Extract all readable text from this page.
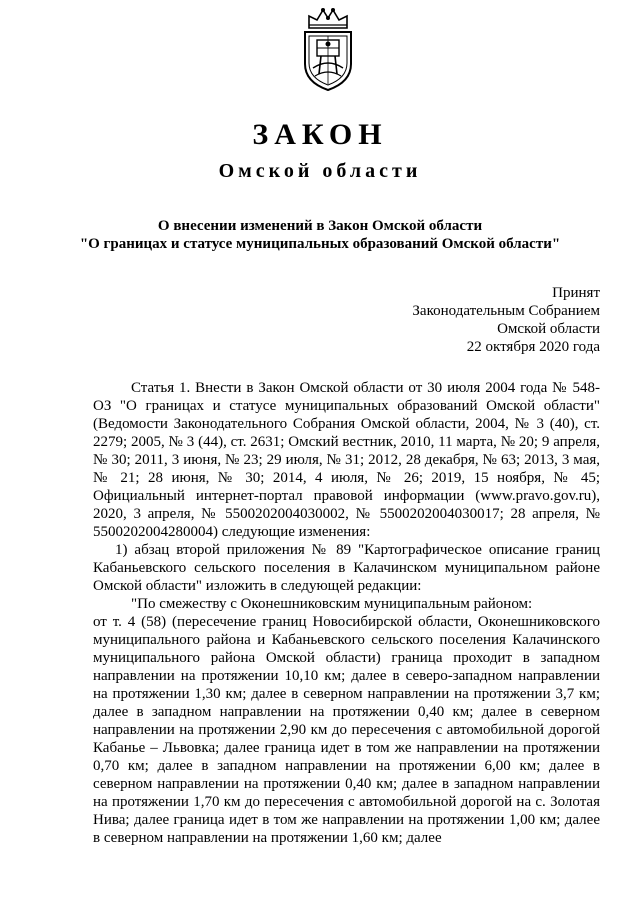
ЗАКОН
Омской области
О внесении изменений в Закон Омской области
"О границах и статусе муниципальных образований Омской области"
Принят
Законодательным Собранием
Омской области
22 октября 2020 года

Статья 1. Внести в Закон Омской области от 30 июля 2004 года № 548-ОЗ "О границах и статусе муниципальных образований Омской области" (Ведомости Законодательного Собрания Омской области, 2004, № 3 (40), ст. 2279; 2005, № 3 (44), ст. 2631; Омский вестник, 2010, 11 марта, № 20; 9 апреля, № 30; 2011, 3 июня, № 23; 29 июля, № 31; 2012, 28 декабря, № 63; 2013, 3 мая, № 21; 28 июня, № 30; 2014, 4 июля, № 26; 2019, 15 ноября, № 45; Официальный интернет-портал правовой информации (www.pravo.gov.ru), 2020, 3 апреля, № 5500202004030002, № 5500202004030017; 28 апреля, № 5500202004280004) следующие изменения:

1) абзац второй приложения № 89 "Картографическое описание границ Кабаньевского сельского поселения в Калачинском муниципальном районе Омской области" изложить в следующей редакции:

"По смежеству с Оконешниковским муниципальным районом:

от т. 4 (58) (пересечение границ Новосибирской области, Оконешниковского муниципального района и Кабаньевского сельского поселения Калачинского муниципального района Омской области) граница проходит в западном направлении на протяжении 10,10 км; далее в северо-западном направлении на протяжении 1,30 км; далее в северном направлении на протяжении 3,7 км; далее в западном направлении на протяжении 0,40 км; далее в северном направлении на протяжении 2,90 км до пересечения с автомобильной дорогой Кабанье – Львовка; далее граница идет в том же направлении на протяжении 0,70 км; далее в западном направлении на протяжении 6,00 км; далее в северном направлении на протяжении 0,40 км; далее в западном направлении на протяжении 1,70 км до пересечения с автомобильной дорогой на с. Золотая Нива; далее граница идет в том же направлении на протяжении 1,00 км; далее в северном направлении на протяжении 1,60 км; далее
